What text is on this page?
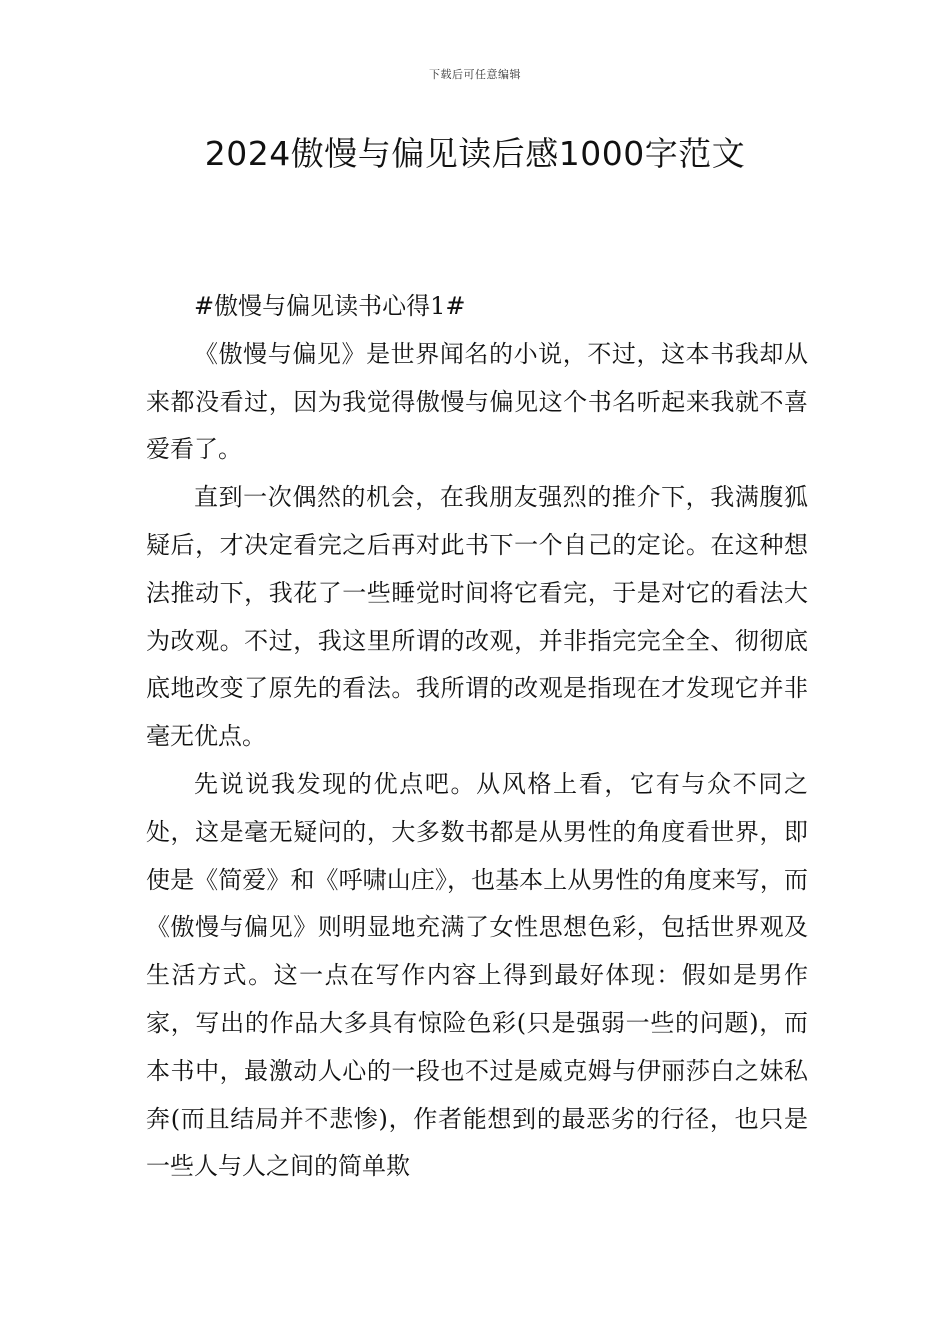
下载后可任意编辑
2024傲慢与偏见读后感1000字范文

#傲慢与偏见读书心得1#

《傲慢与偏见》是世界闻名的小说，不过，这本书我却从来都没看过，因为我觉得傲慢与偏见这个书名听起来我就不喜爱看了。

直到一次偶然的机会，在我朋友强烈的推介下，我满腹狐疑后，才决定看完之后再对此书下一个自己的定论。在这种想法推动下，我花了一些睡觉时间将它看完，于是对它的看法大为改观。不过，我这里所谓的改观，并非指完完全全、彻彻底底地改变了原先的看法。我所谓的改观是指现在才发现它并非毫无优点。

先说说我发现的优点吧。从风格上看，它有与众不同之处，这是毫无疑问的，大多数书都是从男性的角度看世界，即使是《简爱》和《呼啸山庄》，也基本上从男性的角度来写，而《傲慢与偏见》则明显地充满了女性思想色彩，包括世界观及生活方式。这一点在写作内容上得到最好体现：假如是男作家，写出的作品大多具有惊险色彩(只是强弱一些的问题)，而本书中，最激动人心的一段也不过是威克姆与伊丽莎白之妹私奔(而且结局并不悲惨)，作者能想到的最恶劣的行径，也只是一些人与人之间的简单欺
